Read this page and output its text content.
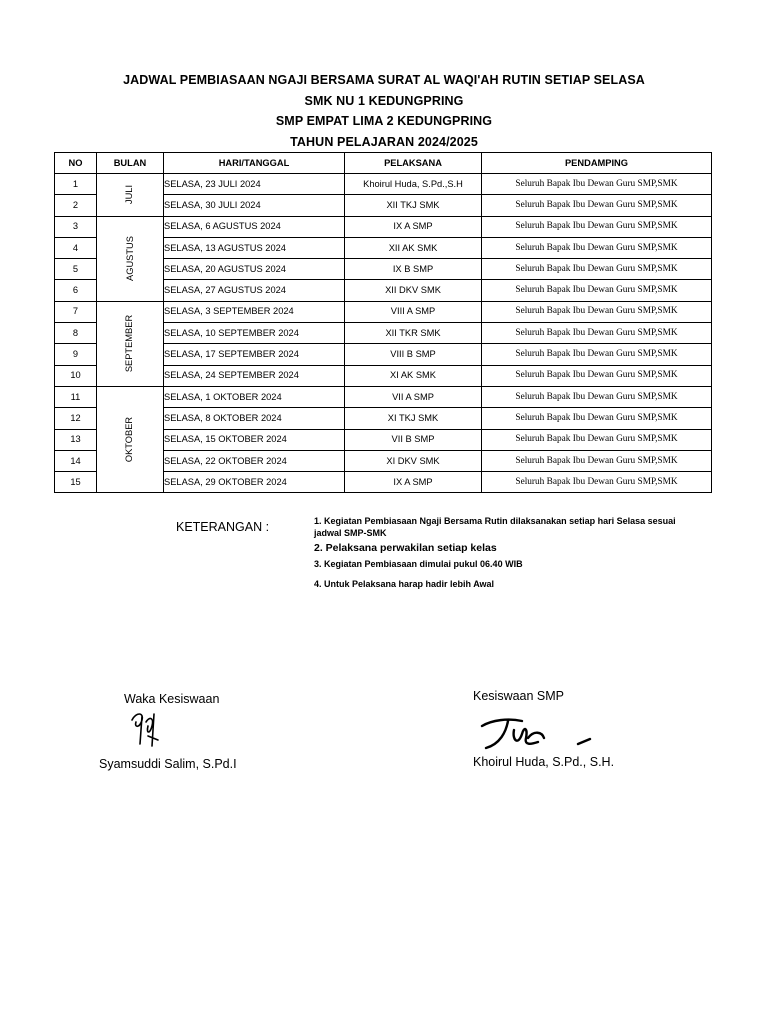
JADWAL PEMBIASAAN NGAJI BERSAMA SURAT AL WAQI'AH RUTIN SETIAP SELASA
SMK NU 1 KEDUNGPRING
SMP EMPAT LIMA 2 KEDUNGPRING
TAHUN PELAJARAN 2024/2025
NO	BULAN	HARI/TANGGAL	PELAKSANA	PENDAMPING
1	JULI	SELASA, 23 JULI 2024	Khoirul Huda, S.Pd.,S.H	Seluruh Bapak Ibu Dewan Guru SMP,SMK
2		SELASA, 30 JULI 2024	XII TKJ SMK	Seluruh Bapak Ibu Dewan Guru SMP,SMK
3	AGUSTUS	SELASA, 6 AGUSTUS 2024	IX A SMP	Seluruh Bapak Ibu Dewan Guru SMP,SMK
4		SELASA, 13 AGUSTUS 2024	XII AK SMK	Seluruh Bapak Ibu Dewan Guru SMP,SMK
5		SELASA, 20 AGUSTUS 2024	IX B SMP	Seluruh Bapak Ibu Dewan Guru SMP,SMK
6		SELASA, 27 AGUSTUS 2024	XII DKV SMK	Seluruh Bapak Ibu Dewan Guru SMP,SMK
7	SEPTEMBER	SELASA, 3 SEPTEMBER 2024	VIII A SMP	Seluruh Bapak Ibu Dewan Guru SMP,SMK
8		SELASA, 10 SEPTEMBER 2024	XII TKR SMK	Seluruh Bapak Ibu Dewan Guru SMP,SMK
9		SELASA, 17 SEPTEMBER 2024	VIII B SMP	Seluruh Bapak Ibu Dewan Guru SMP,SMK
10		SELASA, 24 SEPTEMBER 2024	XI AK SMK	Seluruh Bapak Ibu Dewan Guru SMP,SMK
11	OKTOBER	SELASA, 1 OKTOBER 2024	VII A SMP	Seluruh Bapak Ibu Dewan Guru SMP,SMK
12		SELASA, 8 OKTOBER 2024	XI TKJ SMK	Seluruh Bapak Ibu Dewan Guru SMP,SMK
13		SELASA, 15 OKTOBER 2024	VII B SMP	Seluruh Bapak Ibu Dewan Guru SMP,SMK
14		SELASA, 22 OKTOBER 2024	XI DKV SMK	Seluruh Bapak Ibu Dewan Guru SMP,SMK
15		SELASA, 29 OKTOBER 2024	IX A SMP	Seluruh Bapak Ibu Dewan Guru SMP,SMK
KETERANGAN :	1. Kegiatan Pembiasaan Ngaji Bersama Rutin dilaksanakan setiap hari Selasa sesuai jadwal SMP-SMK
2. Pelaksana perwakilan setiap kelas
3. Kegiatan Pembiasaan dimulai pukul 06.40 WIB
4. Untuk Pelaksana harap hadir lebih Awal
Waka Kesiswaan
Syamsuddi Salim, S.Pd.I
Kesiswaan SMP
Khoirul Huda, S.Pd., S.H.
